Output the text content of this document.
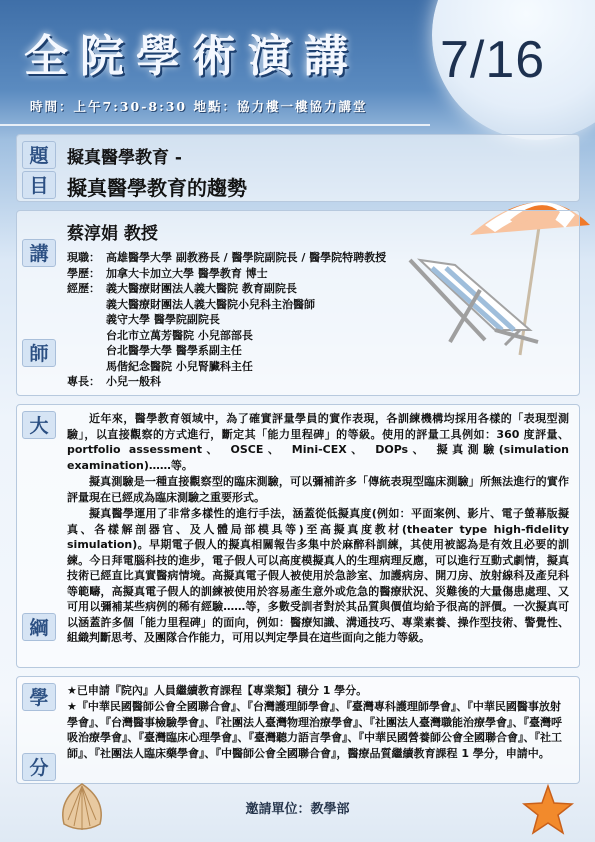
全院學術演講 7/16
時間：上午7:30-8:30 地點：協力樓一樓協力講堂
題
目
擬真醫學教育 -
擬真醫學教育的趨勢
講
師
蔡淳娟 教授
現職： 高雄醫學大學 副教務長 / 醫學院副院長 / 醫學院特聘教授
學歷： 加拿大卡加立大學 醫學教育 博士
經歷： 義大醫療財團法人義大醫院 教育副院長
義大醫療財團法人義大醫院小兒科主治醫師
義守大學 醫學院副院長
台北市立萬芳醫院 小兒部部長
台北醫學大學 醫學系副主任
馬偕紀念醫院 小兒腎臟科主任
專長： 小兒一般科
大
綱

近年來，醫學教育領域中，為了確實評量學員的實作表現，各訓練機構均採用各樣的「表現型測驗」，以直接觀察的方式進行，斷定其「能力里程碑」的等級。使用的評量工具例如：360 度評量、portfolio assessment、 OSCE、 Mini-CEX、 DOPs、 擬真測驗(simulation examination)……等。

擬真測驗是一種直接觀察型的臨床測驗，可以彌補許多「傳統表現型臨床測驗」所無法進行的實作評量現在已經成為臨床測驗之重要形式。

擬真醫學運用了非常多樣性的進行手法，涵蓋從低擬真度(例如：平面案例、影片、電子螢幕版擬真、各樣解剖器官、及人體局部模具等)至高擬真度教材(theater type high-fidelity simulation)。早期電子假人的擬真相關報告多集中於麻醉科訓練，其使用被認為是有效且必要的訓練。今日拜電腦科技的進步，電子假人可以高度模擬真人的生理病理反應，可以進行互動式劇情，擬真技術已經直比真實醫病情境。高擬真電子假人被使用於急診室、加護病房、開刀房、放射線科及產兒科等範疇，高擬真電子假人的訓練被使用於容易產生意外或危急的醫療狀況、災難後的大量傷患處理、又可用以彌補某些病例的稀有經驗……等，多數受訓者對於其品質與價值均給予很高的評價。一次擬真可以涵蓋許多個「能力里程碑」的面向，例如：醫療知識、溝通技巧、專業素養、操作型技術、警覺性、組織判斷思考、及團隊合作能力，可用以判定學員在這些面向之能力等級。

學
分

★已申請『院內』人員繼續教育課程【專業類】積分 1 學分。

★『中華民國醫師公會全國聯合會』、『台灣護理師學會』、『臺灣專科護理師學會』、『中華民國醫事放射學會』、『台灣醫事檢驗學會』、『社團法人臺灣物理治療學會』、『社團法人臺灣職能治療學會』、『臺灣呼吸治療學會』、『臺灣臨床心理學會』、『臺灣聽力語言學會』、『中華民國營養師公會全國聯合會』、『社工師』、『社團法人臨床藥學會』、『中醫師公會全國聯合會』，醫療品質繼續教育課程 1 學分，申請中。

邀請單位：教學部
